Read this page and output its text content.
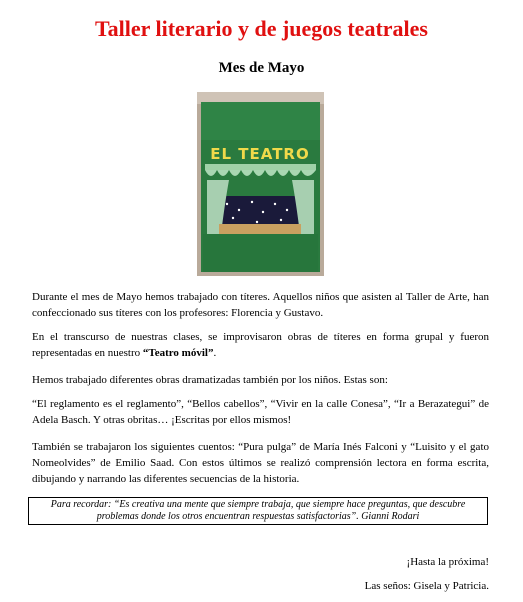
Taller literario y de juegos teatrales
Mes de Mayo
EL TEATRO

Durante el mes de Mayo hemos trabajado con títeres. Aquellos niños que asisten al Taller de Arte, han confeccionado sus títeres con los profesores: Florencia y Gustavo.

En el transcurso de nuestras clases, se improvisaron obras de títeres en forma grupal y fueron representadas en nuestro “Teatro móvil”.

Hemos trabajado diferentes obras dramatizadas también por los niños. Estas son:

“El reglamento es el reglamento”, “Bellos cabellos”, “Vivir en la calle Conesa”, “Ir a Berazategui” de Adela Basch. Y otras obritas… ¡Escritas por ellos mismos!

También se trabajaron los siguientes cuentos: “Pura pulga” de María Inés Falconi y “Luisito y el gato Nomeolvides” de Emilio Saad. Con estos últimos se realizó comprensión lectora en forma escrita, dibujando y narrando las diferentes secuencias de la historia.

Para recordar: “Es creativa una mente que siempre trabaja, que siempre hace preguntas, que descubre problemas donde los otros encuentran respuestas satisfactorias”. Gianni Rodari
¡Hasta la próxima!
Las seños: Gisela y Patricia.
